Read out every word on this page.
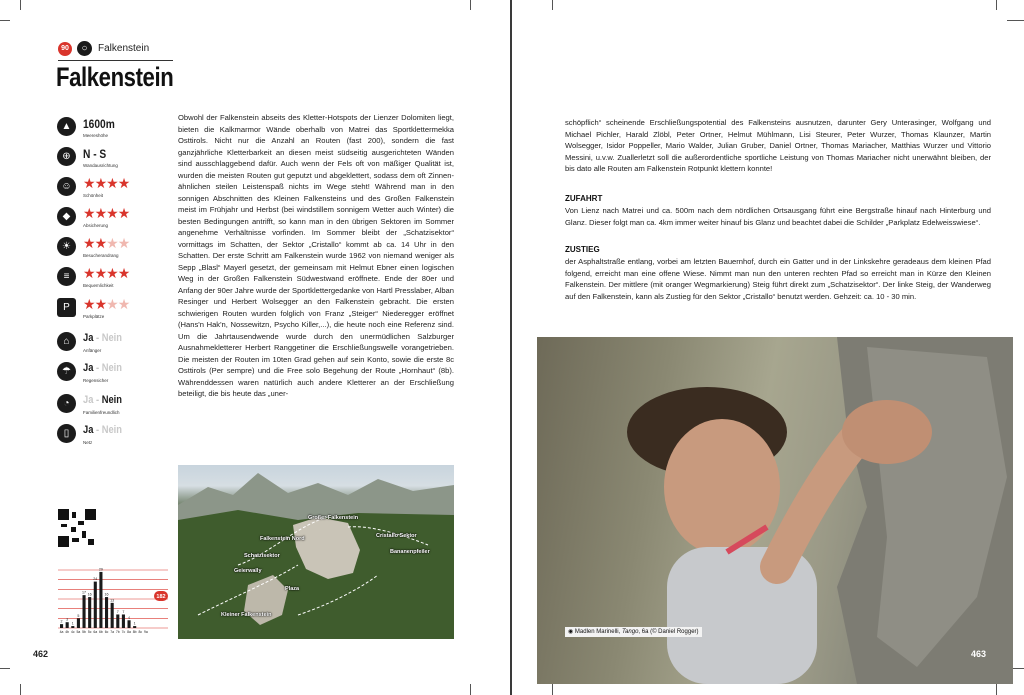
90	○	Falkenstein
Falkenstein
▲ 1600m
Meereshöhe
⊕	N - S
Wandausrichtung
☺ ★★★★
Schönheit
◆ ★★★★
Absicherung
☀ ★★★★
Besucherandrang
≡ ★★★★
Bequemlichkeit
P ★★★★
Parkplätze
⌂	Ja - Nein
Anfänger
☂	Ja - Nein
Regensicher
◔	Ja - Nein
Familienfreundlich
▯	Ja - Nein
Netz
2
4a
3
4b
1
4c
5
5a
17
5b
16
5c
24
6a
29
6b
16
6c
13
7a
7
7b
7
7c
4
8a
1
8b 8c 9a
182
Obwohl der Falkenstein abseits des Kletter-Hotspots der Lienzer Dolomiten liegt, bieten die Kalkmarmor Wände oberhalb von Matrei das Sportklettermekka Osttirols. Nicht nur die Anzahl an Routen (fast 200), sondern die fast ganzjährliche Kletterbarkeit an diesen meist südseitig ausgerichteten Wänden sind ausschlaggebend dafür. Auch wenn der Fels oft von mäßiger Qualität ist, wurden die meisten Routen gut geputzt und abgeklettert, sodass dem oft Zinnen-ähnlichen steilen Leistenspaß nichts im Wege steht! Während man in den sonnigen Abschnitten des Kleinen Falkensteins und des Großen Falkenstein meist im Frühjahr und Herbst (bei windstillem sonnigem Wetter auch Winter) die besten Bedingungen antrifft, so kann man in den übrigen Sektoren im Sommer angenehme Verhältnisse vorfinden. Im Sommer bleibt der „Schatzisektor“ vormittags im Schatten, der Sektor „Cristallo“ kommt ab ca. 14 Uhr in den Schatten. Der erste Schritt am Falkenstein wurde 1962 von niemand weniger als Sepp „Blasl“ Mayerl gesetzt, der gemeinsam mit Helmut Ebner einen logischen Weg in der Großen Falkenstein Südwestwand eröffnete. Ende der 80er und Anfang der 90er Jahre wurde der Sportklettergedanke von Hartl Presslaber, Alban Resinger und Herbert Wolsegger an den Falkenstein gebracht. Die ersten schwierigen Routen wurden folglich von Franz „Steiger“ Niederegger eröffnet (Hans'n Hak'n, Nossewitzn, Psycho Killer,...), die heute noch eine Referenz sind. Um die Jahrtausendwende wurde durch den unermüdlichen Salzburger Ausnahmekletterer Herbert Ranggetiner die Erschließungswelle vorangetrieben. Die meisten der Routen im 10ten Grad gehen auf sein Konto, sowie die erste 8c Osttirols (Per sempre) und die Free solo Begehung der Route „Hornhaut“ (8b). Währenddessen waren natürlich auch andere Kletterer an der Erschließung beteiligt, die bis heute das „uner-
Großer Falkenstein
Falkenstein Nord	Cristallo Sektor
Bananenpfeiler
Schatzisektor
Geierwally
Plaza
Kleiner Falkenstein
462
schöpflich“ scheinende Erschließungspotential des Falkensteins ausnutzen, darunter Gery Unterasinger, Wolfgang und Michael Pichler, Harald Zlöbl, Peter Ortner, Helmut Mühlmann, Lisi Steurer, Peter Wurzer, Thomas Klaunzer, Martin Wolsegger, Isidor Poppeller, Mario Walder, Julian Gruber, Daniel Ortner, Thomas Mariacher, Matthias Wurzer und Vittorio Messini, u.v.w. Zuallerletzt soll die außerordentliche sportliche Leistung von Thomas Mariacher nicht unerwähnt bleiben, der bis dato alle Routen am Falkenstein Rotpunkt klettern konnte!
ZUFAHRT
Von Lienz nach Matrei und ca. 500m nach dem nördlichen Ortsausgang führt eine Bergstraße hinauf nach Hinterburg und Glanz. Dieser folgt man ca. 4km immer weiter hinauf bis Glanz und beachtet dabei die Schilder „Parkplatz Edelweisswiese“.
ZUSTIEG
der Asphaltstraße entlang, vorbei am letzten Bauernhof, durch ein Gatter und in der Linkskehre geradeaus dem kleinen Pfad folgend, erreicht man eine offene Wiese. Nimmt man nun den unteren rechten Pfad so erreicht man in Kürze den Kleinen Falkenstein. Der mittlere (mit oranger Wegmarkierung) Steig führt direkt zum „Schatzisektor“. Der linke Steig, der Wanderweg auf den Falkenstein, kann als Zustieg für den Sektor „Cristallo“ benutzt werden. Gehzeit: ca. 10 - 30 min.
◉ Madlen Marinelli, Tango, 6a (© Daniel Rogger)
463
